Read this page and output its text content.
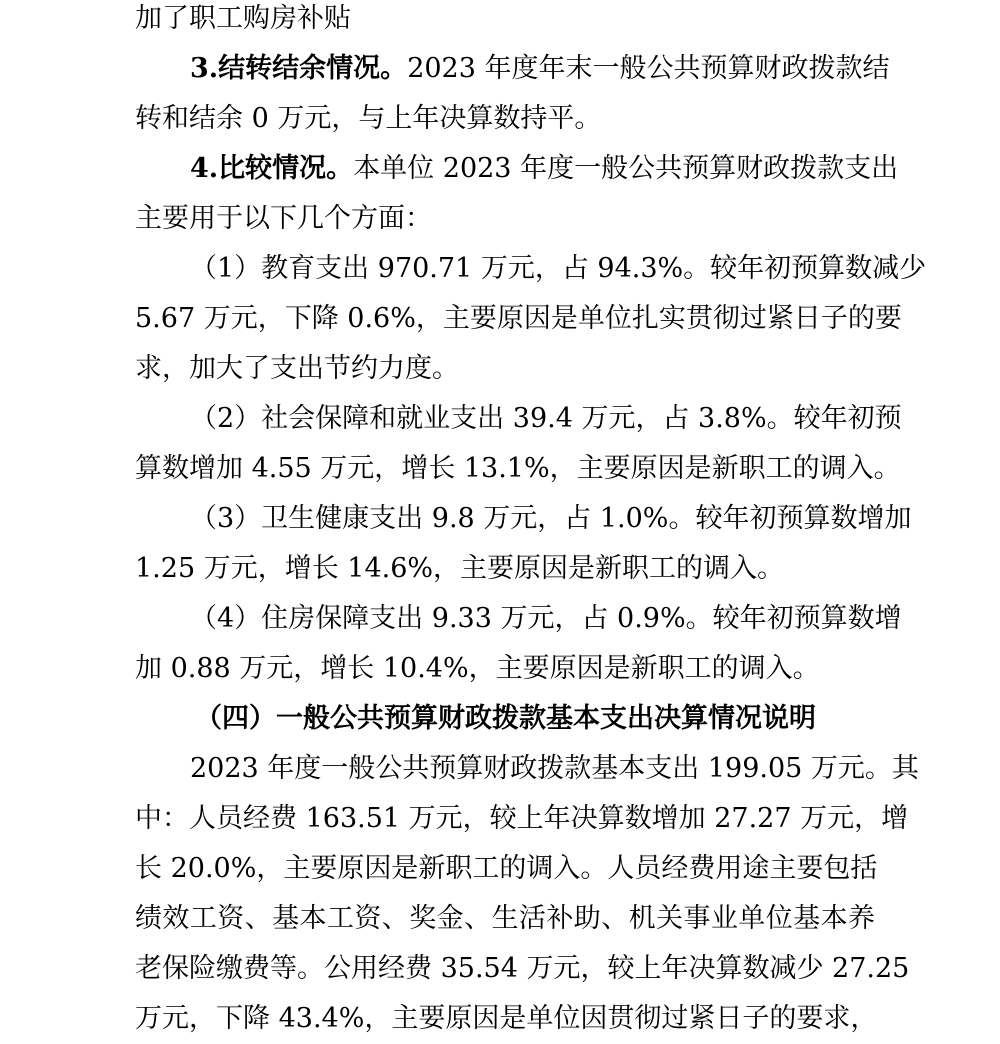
加了职工购房补贴
3.结转结余情况。2023 年度年末一般公共预算财政拨款结
转和结余 0 万元，与上年决算数持平。
4.比较情况。本单位 2023 年度一般公共预算财政拨款支出
主要用于以下几个方面：
（1）教育支出 970.71 万元，占 94.3%。较年初预算数减少
5.67 万元，下降 0.6%，主要原因是单位扎实贯彻过紧日子的要
求，加大了支出节约力度。
（2）社会保障和就业支出 39.4 万元，占 3.8%。较年初预
算数增加 4.55 万元，增长 13.1%，主要原因是新职工的调入。
（3）卫生健康支出 9.8 万元，占 1.0%。较年初预算数增加
1.25 万元，增长 14.6%，主要原因是新职工的调入。
（4）住房保障支出 9.33 万元，占 0.9%。较年初预算数增
加 0.88 万元，增长 10.4%，主要原因是新职工的调入。
（四）一般公共预算财政拨款基本支出决算情况说明
2023 年度一般公共预算财政拨款基本支出 199.05 万元。其
中：人员经费 163.51 万元，较上年决算数增加 27.27 万元，增
长 20.0%，主要原因是新职工的调入。人员经费用途主要包括
绩效工资、基本工资、奖金、生活补助、机关事业单位基本养
老保险缴费等。公用经费 35.54 万元，较上年决算数减少 27.25
万元，下降 43.4%，主要原因是单位因贯彻过紧日子的要求，
